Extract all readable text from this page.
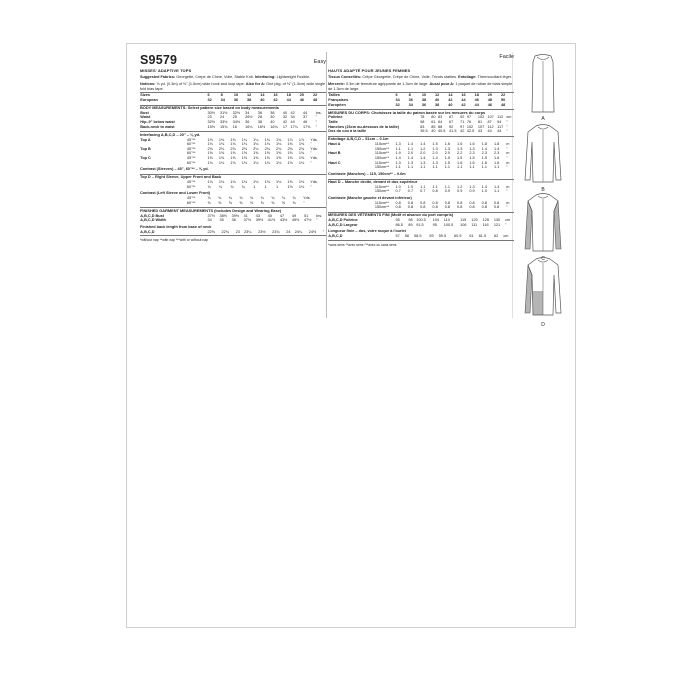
S9579	Easy
MISSES' ADAPTIVE TOPS
Suggested Fabrics: Georgette, Crepe de Chine, Voile, Stable Knit. Interfacing: Lightweight Fusible.
Notions: ⅛ yd. (0.3m) of ⅜" (1.5cm) wide hook and loop tape. Also for A: One pkg. of ⅜" (1.3cm) wide single fold bias tape.
Sizes		6	8	10	12	14	16	18	20	22
European		32	34	36	38	40	42	44	46	48
BODY MEASUREMENTS: Select pattern size based on body measurements
Bust		30½	31½	32½	34	36	38	40	42	44	Ins.
Waist		23	24	25	26½	28	30	32	34	37	"
Hip–9" below waist		32½	33½	34½	36	38	40	42	44	46	"
Back-neck to waist		15½	15¾	16	16¼	16½	16¾	17	17¼	17⅜	"
Interfacing A,B,C,D – 20" – ⅛ yd.
Top A	45"**	1⅜	1⅜	1⅜	1¼	1¼	1¾	1¾	1⅞	1⅞	Yds.
	60"**	1⅛	1⅛	1⅛	1⅛	1⅛	1⅛	1⅛	1⅜	1⅜	"
Top B	45"**	2⅛	2⅛	2⅛	2⅛	2⅛	2¾	2¾	2¾	2¾	Yds.
	60"**	1⅝	1⅝	1⅝	1⅝	1⅝	1⅝	1⅝	1⅝	1¾	"
Top C	45"**	1⅜	1⅜	1⅜	1⅜	1⅜	1⅜	1⅝	1⅝	1⅝	Yds.
	60"**	1⅛	1⅛	1⅛	1⅛	1⅛	1⅛	1⅛	1⅛	1⅛	"
Contrast (Sleeves) – 45", 60"** – ⅝ yd.
Top D – Right Sleeve, Upper Front and Back
	45"**	1⅛	1⅛	1⅛	1⅛	1⅛	1⅛	1⅛	1⅜	1⅜	Yds.
	60"**	¾	¾	¾	¾	1	1	1	1⅛	1⅛	"
Contrast (Left Sleeve and Lower Front)
	45"**	¾	¾	¾	¾	¾	¾	¾	¾	¾	Yds.
	60"**	⅝	⅝	⅝	⅝	⅝	⅝	⅝	⅝	⅝	"
FINISHED GARMENT MEASUREMENTS (Includes Design and Wearing Ease)
A,B,C,D Bust		37½	38½	39½	41	43	45	47	49	51	Ins.
A,B,C,D Width		34	35	36	37½	39½	41½	43½	45½	47½	"
Finished back length from base of neck
A,B,C,D		22⅝	22¾	23	23¼	23½	23¾	24	24¼	24½	"
*without nap **with nap ***with or without nap
Facile
HAUTS ADAPTÉ POUR JEUNES FEMMES
Tissus Conseillés: Crêpe Georgette, Crêpe de Chine, Voile, Tricots stables. Entoilage: Thermocollant léger.
Mercerie: 0.3m de fermeture agrippante de 1.3cm de large. Aussi pour A: 1 paquet de ruban de biais simple de 1.3cm de large.
Tailles		6	8	10	12	14	16	18	20	22
Françaises		34	36	38	40	42	44	46	48	50
Européen		32	34	36	38	40	42	44	46	48
MESURES DU CORPS: Choisissez la taille du patron basée sur les mesures du corps
Poitrine		78	80	83	87	92	97	102	107	112	cm
Taille		58	61	64	67	71	76	81	87	94	"
Hanches (23cm au-dessous de la taille)		83	85	88	92	97	102	107	112	117	"
Dos du cou à la taille		39.5	40	40.5	41.5	42	42.5	43	44	44	"
Entoilage A,B,C,D – 51cm – 0.1m
Haut A	115cm**	1.3	1.4	1.4	1.5	1.6	1.6	1.6	1.8	1.8	m
	150cm**	1.1	1.1	1.2	1.3	1.3	1.3	1.3	1.4	1.4	"
Haut B	115cm**	1.9	2.0	2.0	2.0	2.0	2.2	2.3	2.3	2.3	m
	150cm**	1.4	1.4	1.4	1.4	1.5	1.5	1.5	1.5	1.6	"
Haut C	115cm**	1.3	1.3	1.3	1.3	1.5	1.6	1.6	1.6	1.6	m
	150cm**	1.1	1.1	1.1	1.1	1.1	1.1	1.1	1.1	1.1	"
Contraste (Manches) – 115, 150cm** – 0.6m
Haut D – Manche droite, devant et dos supérieur
	115cm**	1.0	1.0	1.1	1.1	1.1	1.2	1.3	1.4	1.4	m
	150cm**	0.7	0.7	0.7	0.8	0.9	0.9	0.9	1.0	1.1	"
Contraste (Manche gauche et devant inférieur)
	115cm**	0.8	0.8	0.8	0.8	0.8	0.8	0.8	0.8	0.8	m
	150cm**	0.8	0.8	0.8	0.8	0.8	0.8	0.8	0.8	0.8	"
MESURES DES VÊTEMENTS FINI (Motif et aisance du port compris)
A,B,C,D Poitrine		95	98	100.5	104	110	115	120	125	130	cm
A,B,C,D Largeur		86.5	89	91.5	95	100.5	106	111	116	121	"
Longueur finie – dos, votre nuque à l'ourlet
A,B,C,D		57	58	58.5	59	59.5	60.5	61	61.5	62	cm
*sans sens **avec sens ***avec ou sans sens
A
B
C
D
